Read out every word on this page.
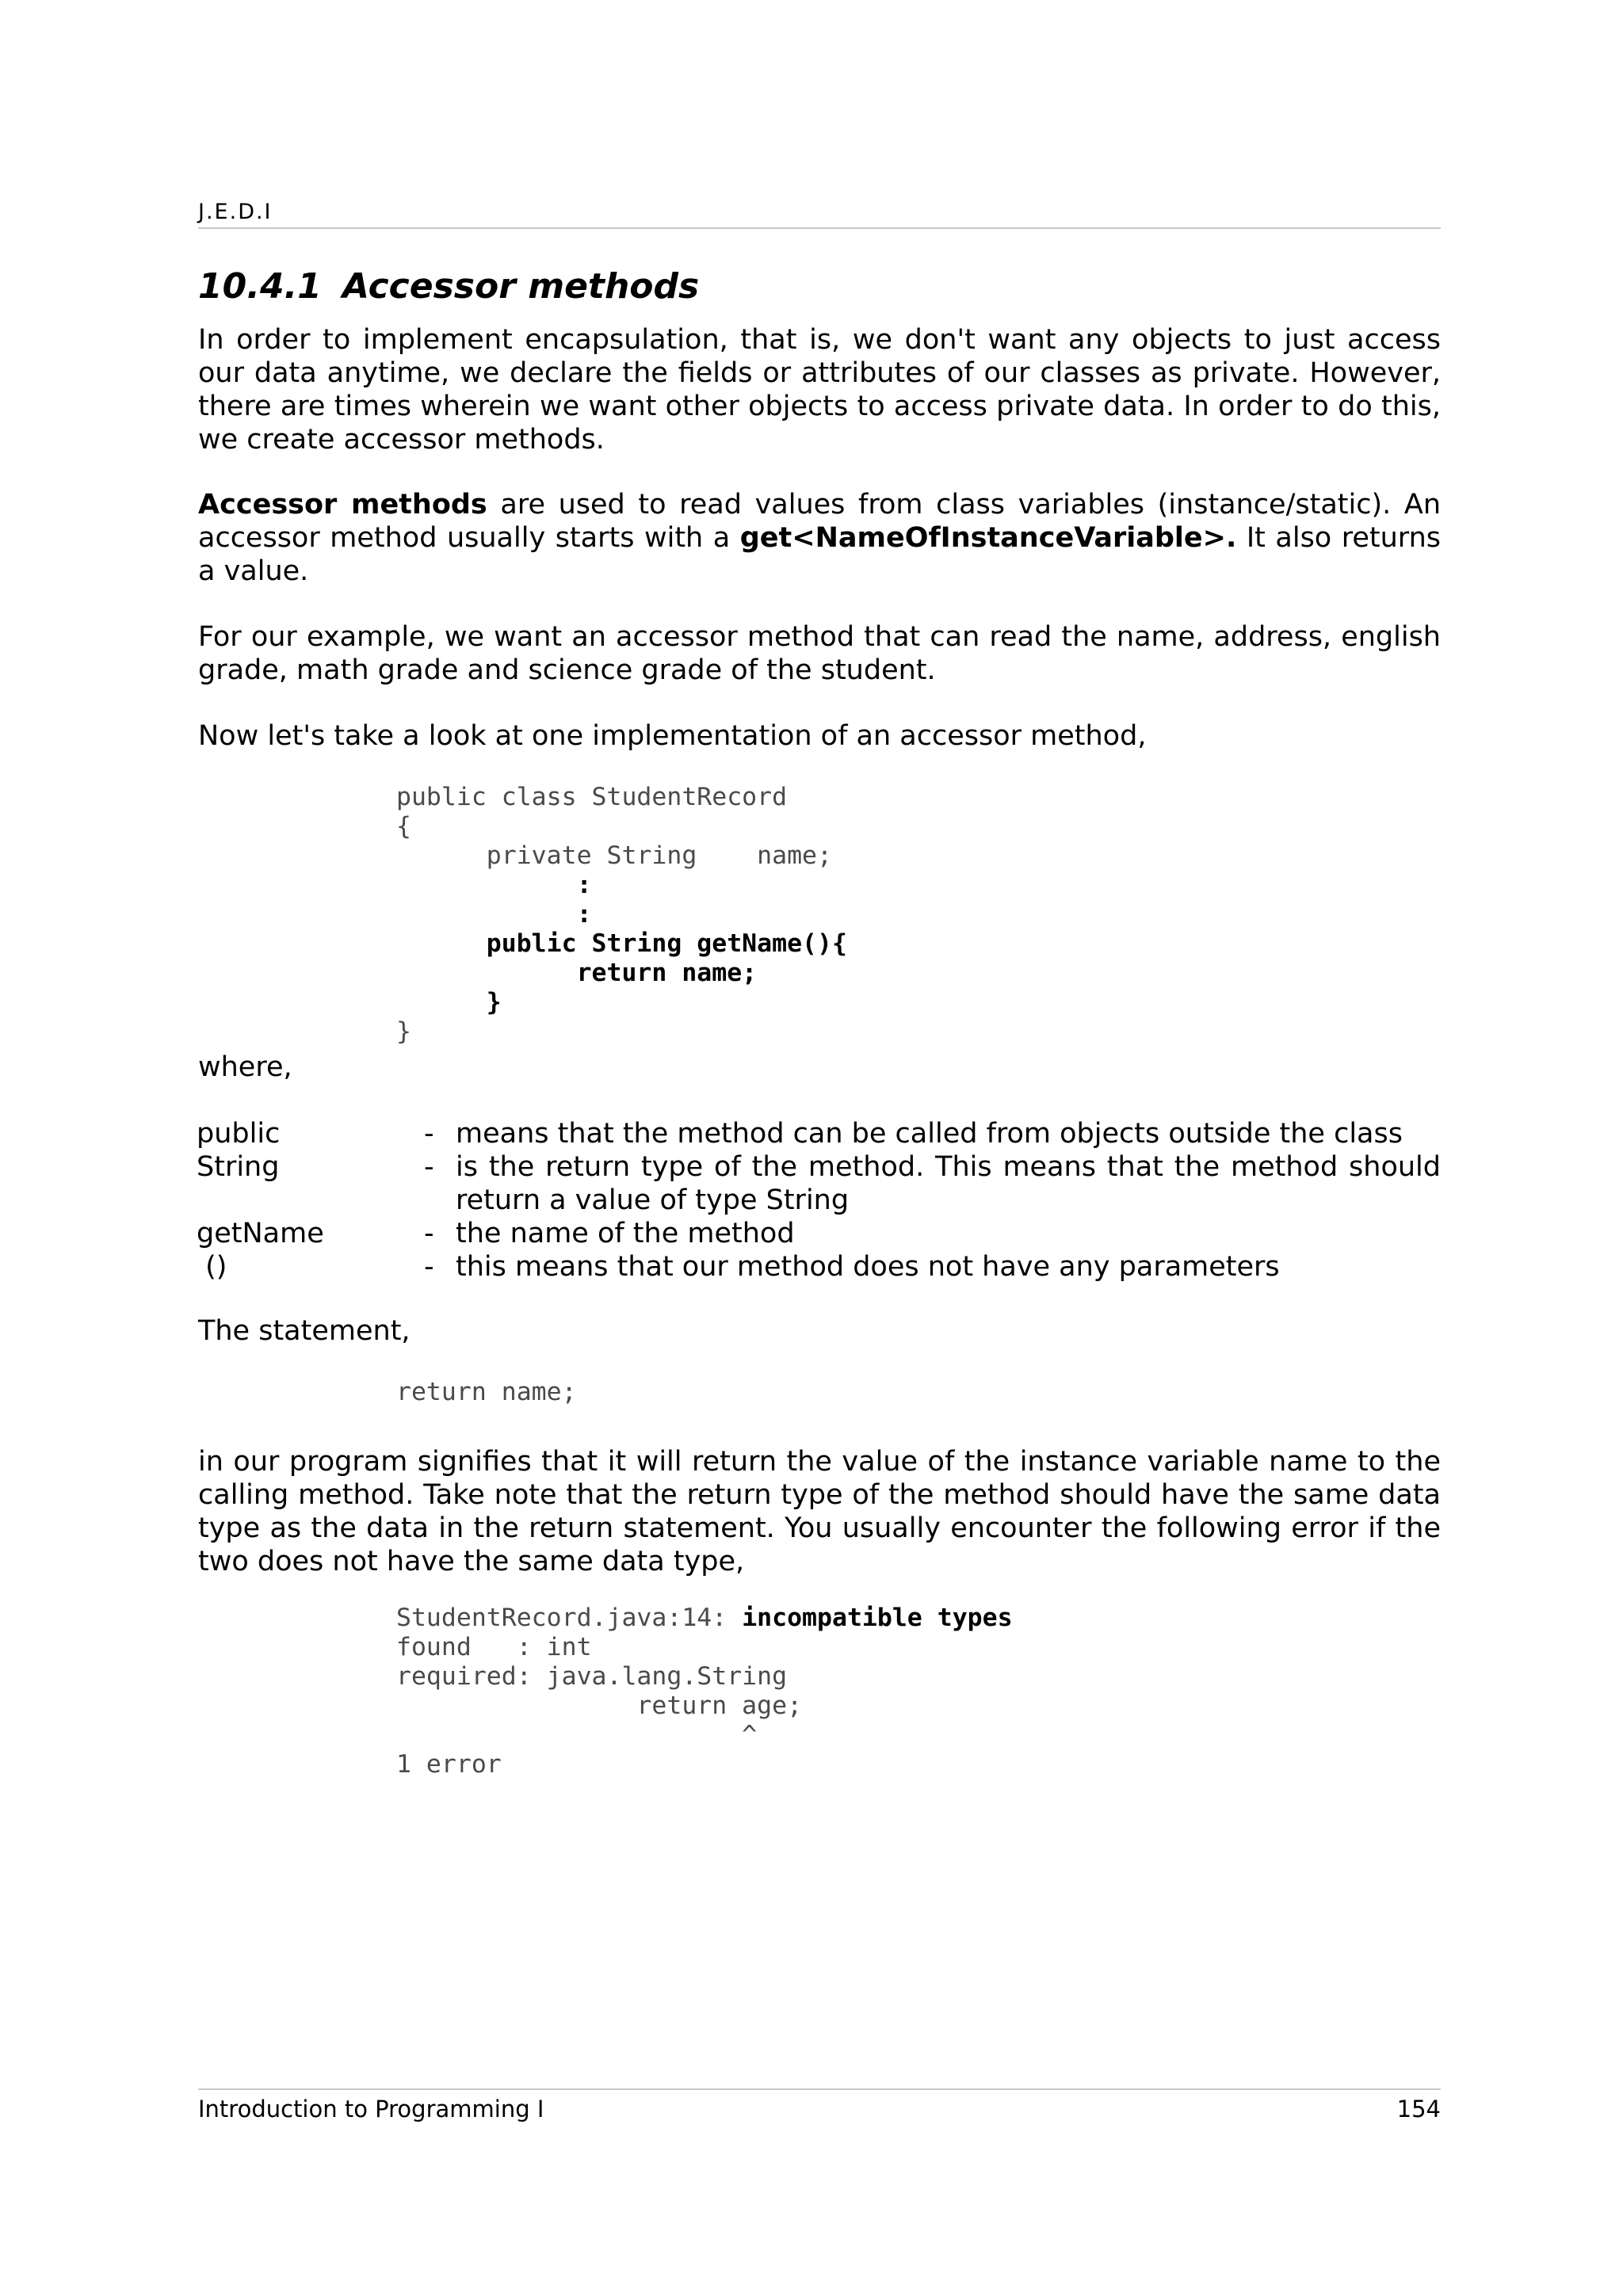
J.E.D.I
10.4.1 Accessor methods

In order to implement encapsulation, that is, we don't want any objects to just access our data anytime, we declare the fields or attributes of our classes as private. However, there are times wherein we want other objects to access private data. In order to do this, we create accessor methods.

Accessor methods are used to read values from class variables (instance/static). An accessor method usually starts with a get<NameOfInstanceVariable>. It also returns a value.

For our example, we want an accessor method that can read the name, address, english grade, math grade and science grade of the student.

Now let's take a look at one implementation of an accessor method,

public class StudentRecord
{
private String    name;
:
:
public String getName(){
return name;
}
}

where,

public	- means that the method can be called from objects outside the class
String	- is the return type of the method. This means that the method should return a value of type String
getName	- the name of the method
()	- this means that our method does not have any parameters

The statement,

return name;

in our program signifies that it will return the value of the instance variable name to the calling method. Take note that the return type of the method should have the same data type as the data in the return statement. You usually encounter the following error if the two does not have the same data type,

StudentRecord.java:14: incompatible types
found   : int
required: java.lang.String
return age;
^
1 error
Introduction to Programming I	154
